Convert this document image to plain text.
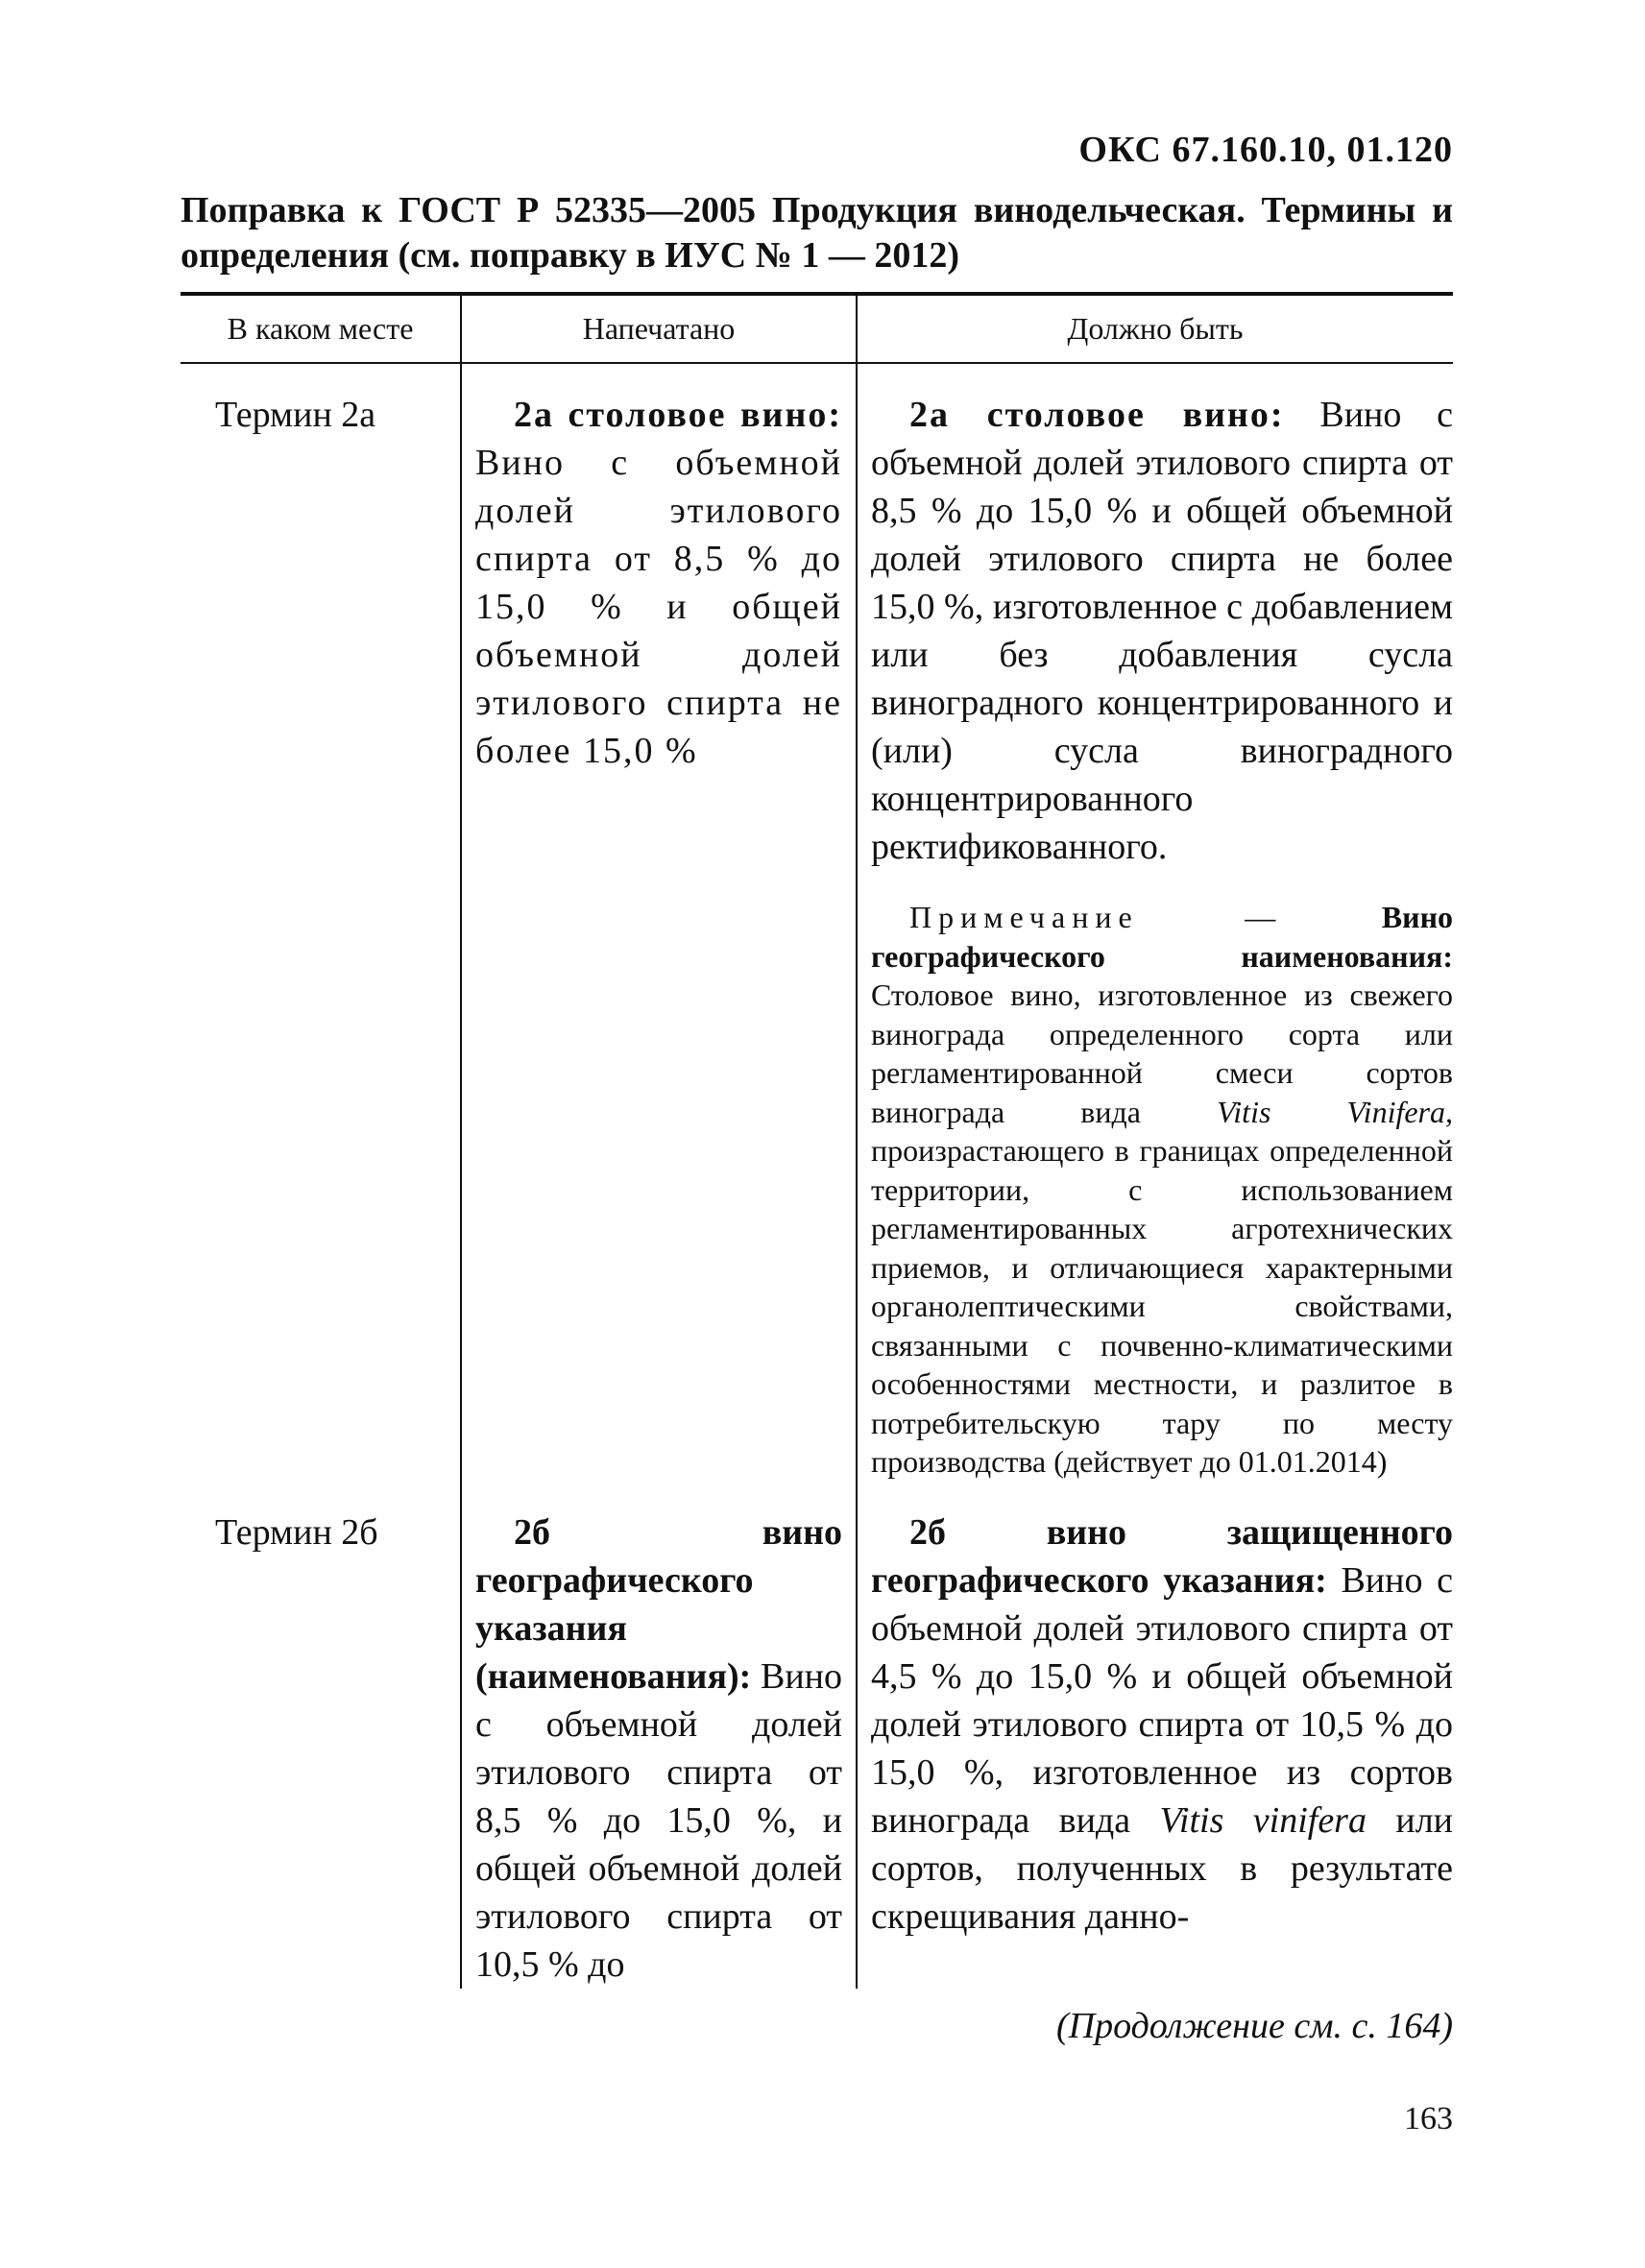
ОКС 67.160.10, 01.120
Поправка к ГОСТ Р 52335—2005 Продукция винодельческая. Термины и определения (см. поправку в ИУС № 1 — 2012)
В каком месте	Напечатано	Должно быть
Термин 2а	2а столовое вино: Вино с объемной долей этилового спирта от 8,5 % до 15,0 % и общей объемной долей этилового спирта не более 15,0 %	2а столовое вино: Вино с объемной долей этилового спирта от 8,5 % до 15,0 % и общей объемной долей этилового спирта не более 15,0 %, изготовленное с добавлением или без добавления сусла виноградного концентрированного и (или) сусла виноградного концентрированного ректификованного.
Примечание — Вино географического наименования: Столовое вино, изготовленное из свежего винограда определенного сорта или регламентированной смеси сортов винограда вида Vitis Vinifera, произрастающего в границах определенной территории, с использованием регламентированных агротехнических приемов, и отличающиеся характерными органолептическими свойствами, связанными с почвенно-климатическими особенностями местности, и разлитое в потребительскую тару по месту производства (действует до 01.01.2014)

Термин 2б	2б вино географического указания (наименования): Вино с объемной долей этилового спирта от 8,5 % до 15,0 %, и общей объемной долей этилового спирта от 10,5 % до	2б вино защищенного географического указания: Вино с объемной долей этилового спирта от 4,5 % до 15,0 % и общей объемной долей этилового спирта от 10,5 % до 15,0 %, изготовленное из сортов винограда вида Vitis vinifera или сортов, полученных в результате скрещивания данно-
(Продолжение см. с. 164)
163
